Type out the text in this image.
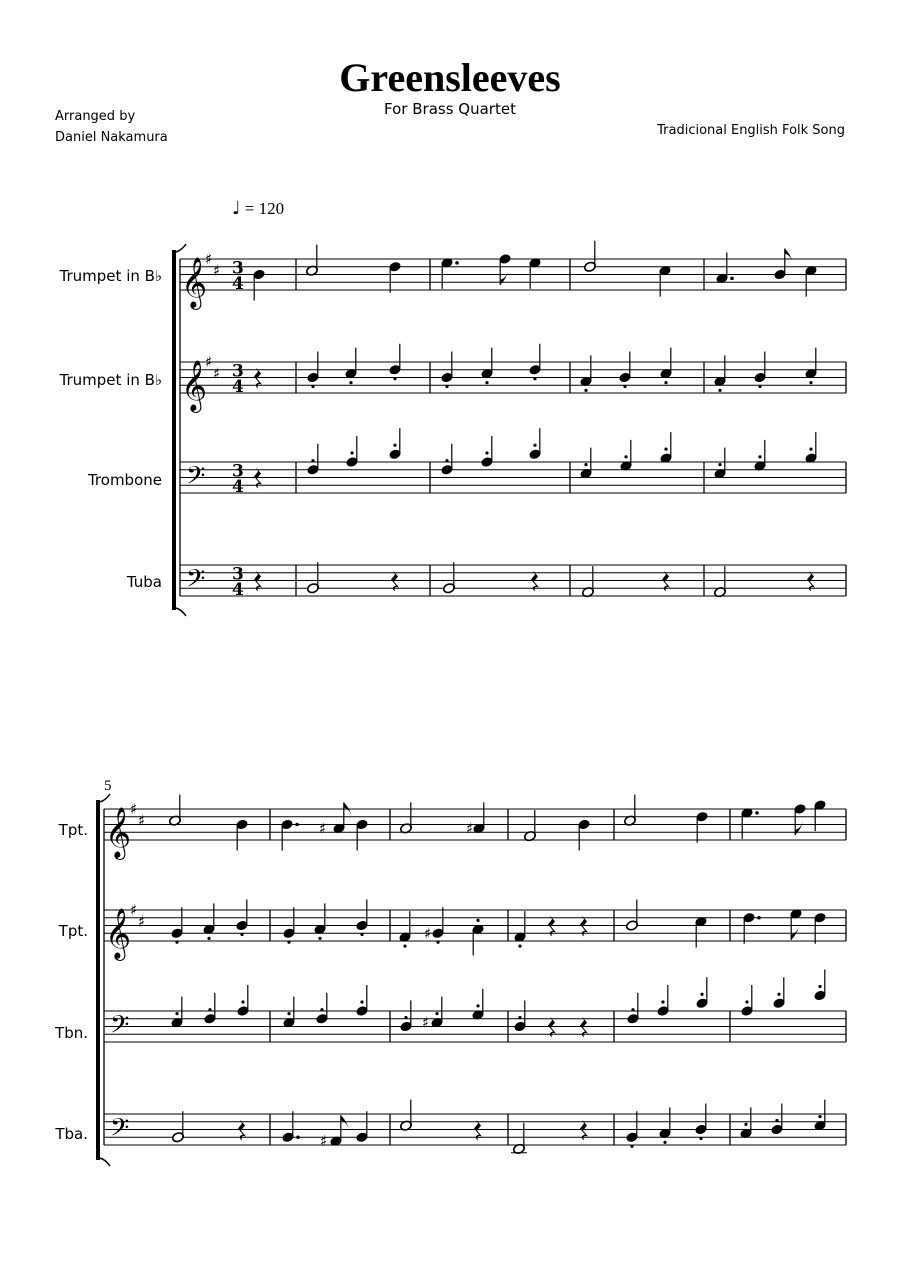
Greensleeves
For Brass Quartet
Arranged by
Daniel Nakamura	Tradicional English Folk Song
♩ = 120
Trumpet in B♭
Trumpet in B♭
Trombone
Tuba
Tpt.
Tpt.
Tbn.
Tba.
5
𝄞
𝄞
𝄢
𝄢
♯
♯
♯
♯
3
4
3
4
3
4
3
4
𝄞
𝄞
𝄢
𝄢
♯
♯
♯
♯
♯	♯
♯
♯
♯
